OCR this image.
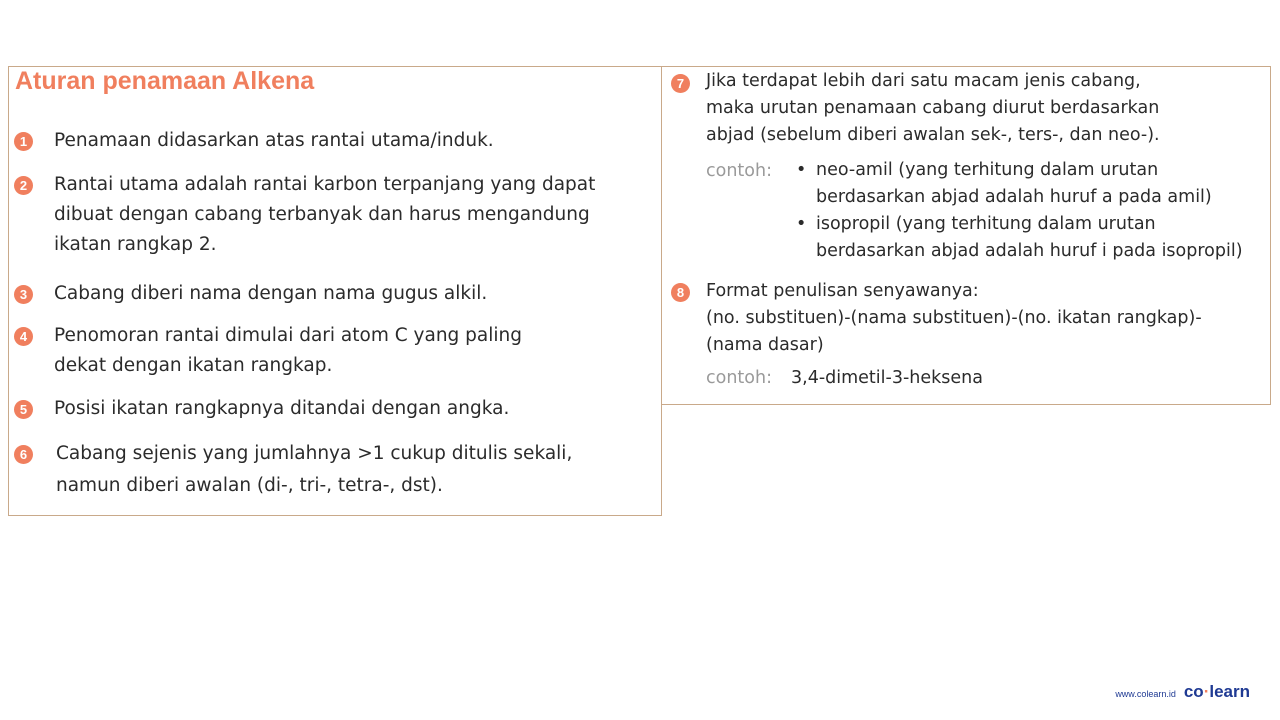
Aturan penamaan Alkena
1	Penamaan didasarkan atas rantai utama/induk.
2	Rantai utama adalah rantai karbon terpanjang yang dapat
dibuat dengan cabang terbanyak dan harus mengandung
ikatan rangkap 2.
3	Cabang diberi nama dengan nama gugus alkil.
4	Penomoran rantai dimulai dari atom C yang paling
dekat dengan ikatan rangkap.
5	Posisi ikatan rangkapnya ditandai dengan angka.
6	Cabang sejenis yang jumlahnya >1 cukup ditulis sekali,
namun diberi awalan (di-, tri-, tetra-, dst).
7	Jika terdapat lebih dari satu macam jenis cabang,
maka urutan penamaan cabang diurut berdasarkan
abjad (sebelum diberi awalan sek-, ters-, dan neo-).
contoh: • neo-amil (yang terhitung dalam urutan
berdasarkan abjad adalah huruf a pada amil)
• isopropil (yang terhitung dalam urutan
berdasarkan abjad adalah huruf i pada isopropil)
8	Format penulisan senyawanya:
(no. substituen)-(nama substituen)-(no. ikatan rangkap)-
(nama dasar)
contoh: 3,4-dimetil-3-heksena
www.colearn.id co·learn
